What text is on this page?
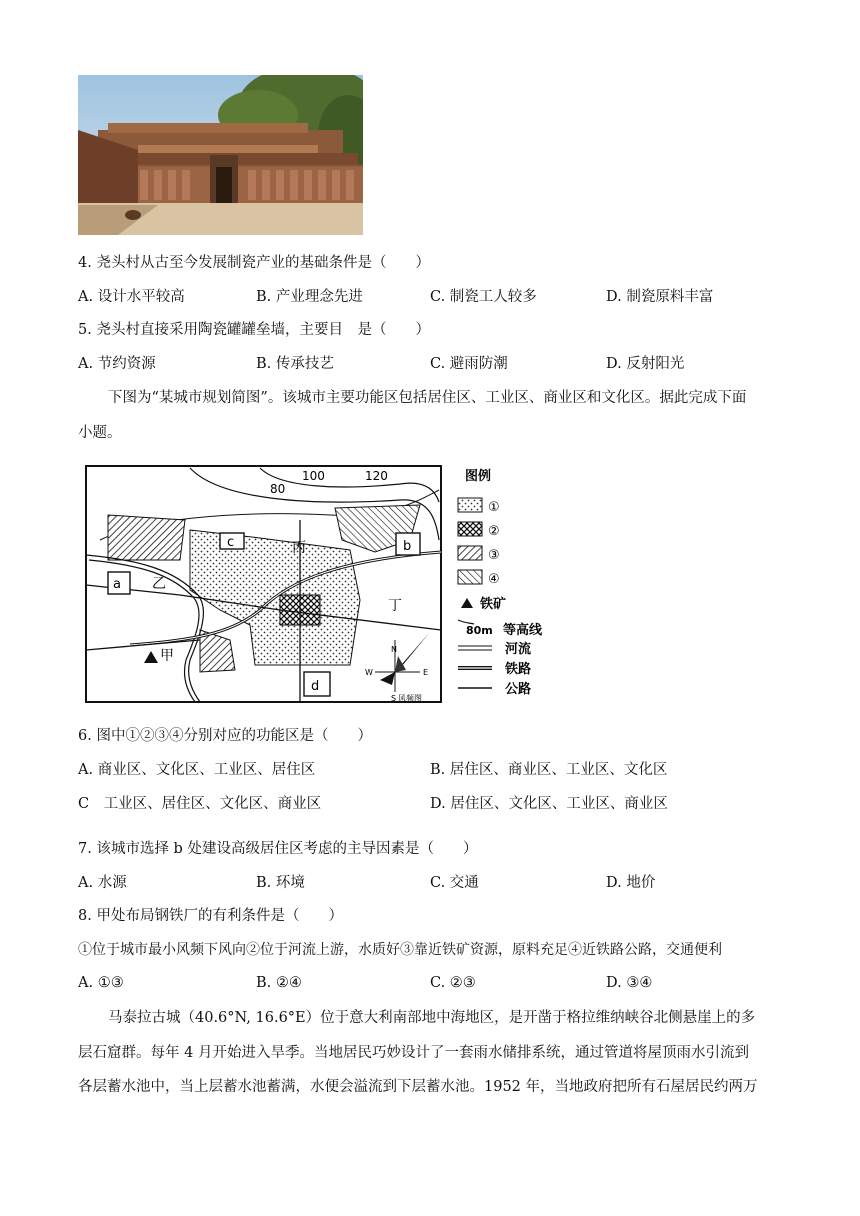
4. 尧头村从古至今发展制瓷产业的基础条件是（　　）
A. 设计水平较高	B. 产业理念先进	C. 制瓷工人较多	D. 制瓷原料丰富
5. 尧头村直接采用陶瓷罐罐垒墙，主要目　是（　　）
A. 节约资源	B. 传承技艺	C. 避雨防潮	D. 反射阳光
下图为“某城市规划简图”。该城市主要功能区包括居住区、工业区、商业区和文化区。据此完成下面
小题。
100	120
80
a
c	b
d
丙
乙
丁
甲	N
S
E
W
风频图
图例
①
②
③
④
铁矿
80m 等高线
河流
铁路
公路
6. 图中①②③④分别对应的功能区是（　　）
A. 商业区、文化区、工业区、居住区	B. 居住区、商业区、工业区、文化区
C　工业区、居住区、文化区、商业区	D. 居住区、文化区、工业区、商业区
7. 该城市选择 b 处建设高级居住区考虑的主导因素是（　　）
A. 水源	B. 环境	C. 交通	D. 地价
8. 甲处布局钢铁厂的有利条件是（　　）
①位于城市最小风频下风向②位于河流上游，水质好③靠近铁矿资源，原料充足④近铁路公路，交通便利
A. ①③	B. ②④	C. ②③	D. ③④
马泰拉古城（40.6°N, 16.6°E）位于意大利南部地中海地区，是开凿于格拉维纳峡谷北侧悬崖上的多
层石窟群。每年 4 月开始进入旱季。当地居民巧妙设计了一套雨水储排系统，通过管道将屋顶雨水引流到
各层蓄水池中，当上层蓄水池蓄满，水便会溢流到下层蓄水池。1952 年，当地政府把所有石屋居民约两万
